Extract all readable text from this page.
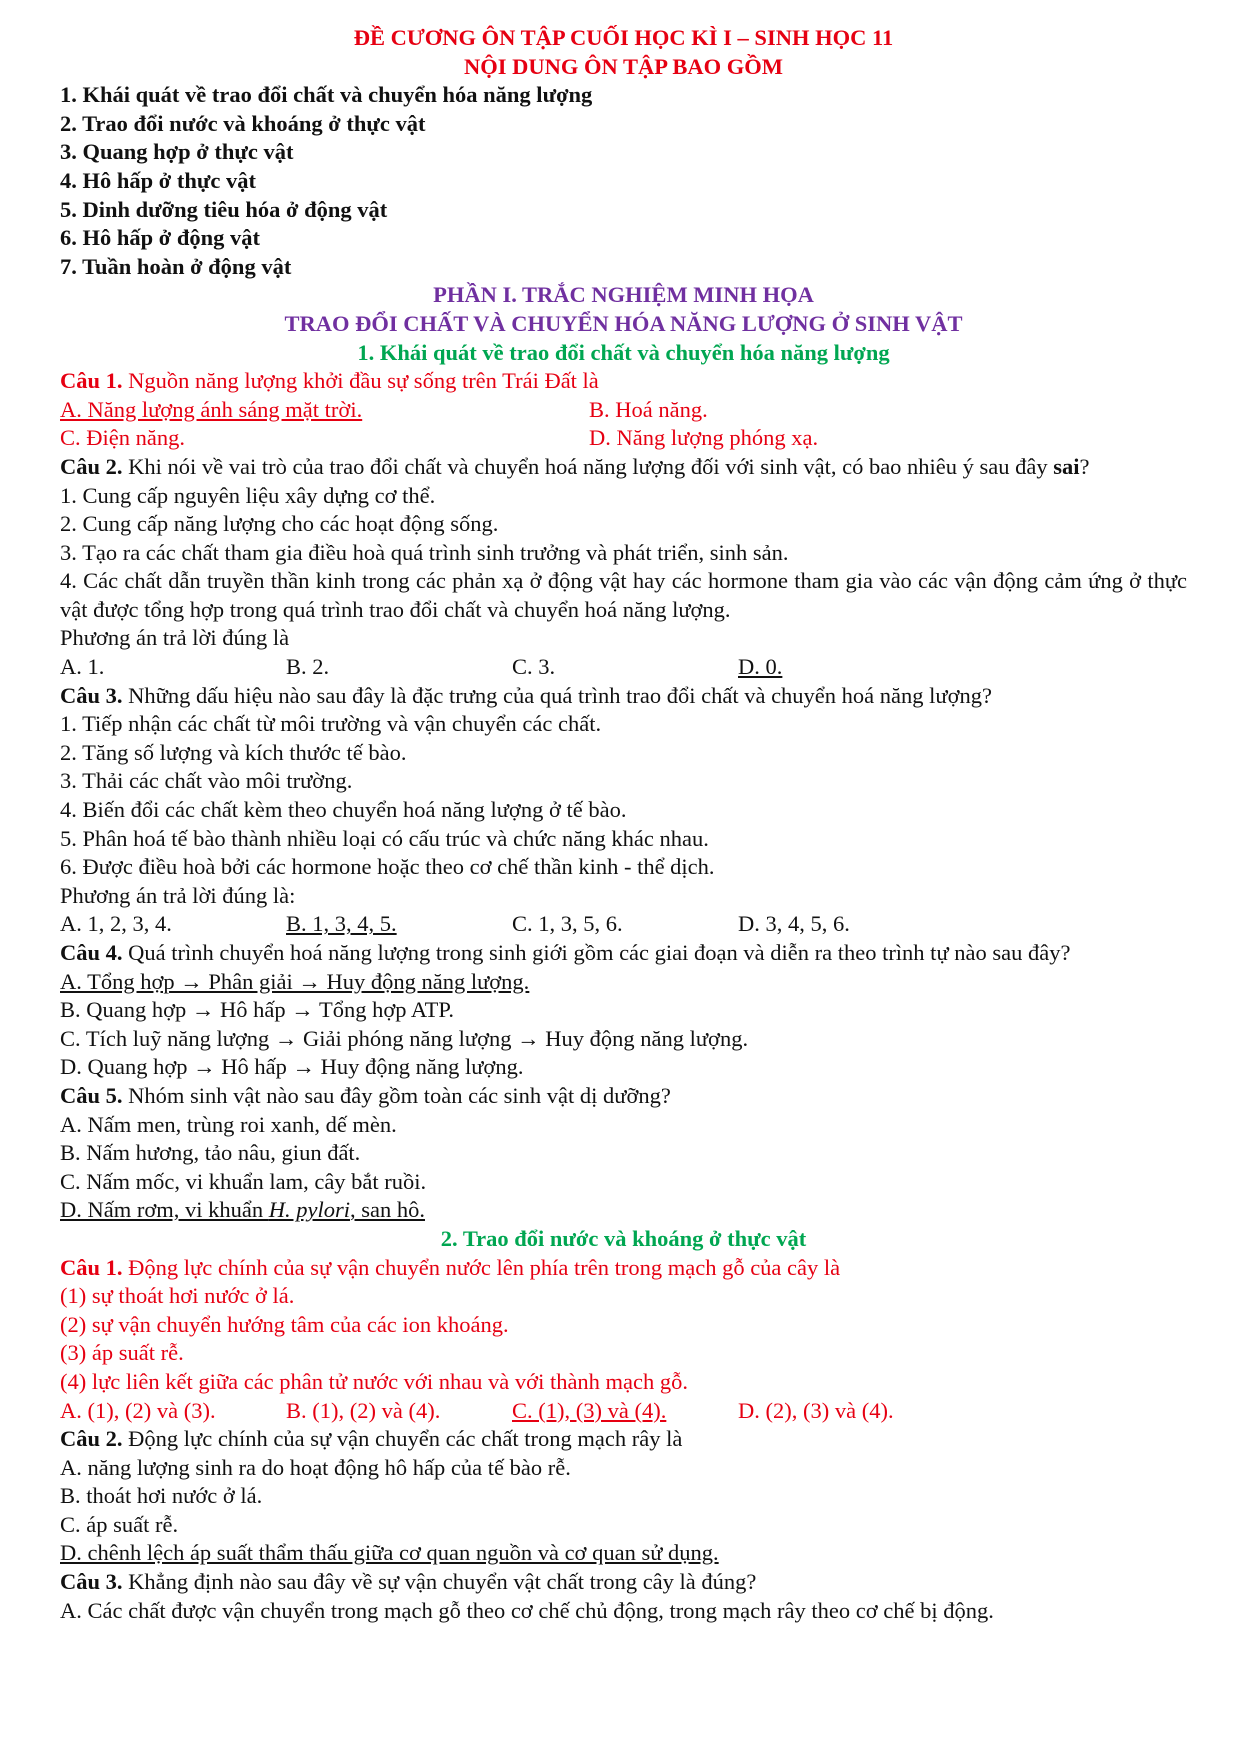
ĐỀ CƯƠNG ÔN TẬP CUỐI HỌC KÌ I – SINH HỌC 11
NỘI DUNG ÔN TẬP BAO GỒM
1. Khái quát về trao đổi chất và chuyển hóa năng lượng
2. Trao đổi nước và khoáng ở thực vật
3. Quang hợp ở thực vật
4. Hô hấp ở thực vật
5. Dinh dưỡng tiêu hóa ở động vật
6. Hô hấp ở động vật
7. Tuần hoàn ở động vật
PHẦN I. TRẮC NGHIỆM MINH HỌA
TRAO ĐỔI CHẤT VÀ CHUYỂN HÓA NĂNG LƯỢNG Ở SINH VẬT
1. Khái quát về trao đổi chất và chuyển hóa năng lượng
Câu 1. Nguồn năng lượng khởi đầu sự sống trên Trái Đất là
A. Năng lượng ánh sáng mặt trời.	B. Hoá năng.
C. Điện năng.	D. Năng lượng phóng xạ.
Câu 2. Khi nói về vai trò của trao đổi chất và chuyển hoá năng lượng đối với sinh vật, có bao nhiêu ý sau đây sai?
1. Cung cấp nguyên liệu xây dựng cơ thể.
2. Cung cấp năng lượng cho các hoạt động sống.
3. Tạo ra các chất tham gia điều hoà quá trình sinh trưởng và phát triển, sinh sản.
4. Các chất dẫn truyền thần kinh trong các phản xạ ở động vật hay các hormone tham gia vào các vận động cảm ứng ở thực vật được tổng hợp trong quá trình trao đổi chất và chuyển hoá năng lượng.
Phương án trả lời đúng là
A. 1.	B. 2.	C. 3.	D. 0.
Câu 3. Những dấu hiệu nào sau đây là đặc trưng của quá trình trao đổi chất và chuyển hoá năng lượng?
1. Tiếp nhận các chất từ môi trường và vận chuyển các chất.
2. Tăng số lượng và kích thước tế bào.
3. Thải các chất vào môi trường.
4. Biến đổi các chất kèm theo chuyển hoá năng lượng ở tế bào.
5. Phân hoá tế bào thành nhiều loại có cấu trúc và chức năng khác nhau.
6. Được điều hoà bởi các hormone hoặc theo cơ chế thần kinh - thể dịch.
Phương án trả lời đúng là:
A. 1, 2, 3, 4.	B. 1, 3, 4, 5.	C. 1, 3, 5, 6.	D. 3, 4, 5, 6.
Câu 4. Quá trình chuyển hoá năng lượng trong sinh giới gồm các giai đoạn và diễn ra theo trình tự nào sau đây?
A. Tổng hợp → Phân giải → Huy động năng lượng.
B. Quang hợp → Hô hấp → Tổng hợp ATP.
C. Tích luỹ năng lượng → Giải phóng năng lượng → Huy động năng lượng.
D. Quang hợp → Hô hấp → Huy động năng lượng.
Câu 5. Nhóm sinh vật nào sau đây gồm toàn các sinh vật dị dưỡng?
A. Nấm men, trùng roi xanh, dế mèn.
B. Nấm hương, tảo nâu, giun đất.
C. Nấm mốc, vi khuẩn lam, cây bắt ruồi.
D. Nấm rơm, vi khuẩn H. pylori, san hô.
2. Trao đổi nước và khoáng ở thực vật
Câu 1. Động lực chính của sự vận chuyển nước lên phía trên trong mạch gỗ của cây là
(1) sự thoát hơi nước ở lá.
(2) sự vận chuyển hướng tâm của các ion khoáng.
(3) áp suất rễ.
(4) lực liên kết giữa các phân tử nước với nhau và với thành mạch gỗ.
A. (1), (2) và (3).	B. (1), (2) và (4).	C. (1), (3) và (4).	D. (2), (3) và (4).
Câu 2. Động lực chính của sự vận chuyển các chất trong mạch rây là
A. năng lượng sinh ra do hoạt động hô hấp của tế bào rễ.
B. thoát hơi nước ở lá.
C. áp suất rễ.
D. chênh lệch áp suất thẩm thấu giữa cơ quan nguồn và cơ quan sử dụng.
Câu 3. Khẳng định nào sau đây về sự vận chuyển vật chất trong cây là đúng?
A. Các chất được vận chuyển trong mạch gỗ theo cơ chế chủ động, trong mạch rây theo cơ chế bị động.
